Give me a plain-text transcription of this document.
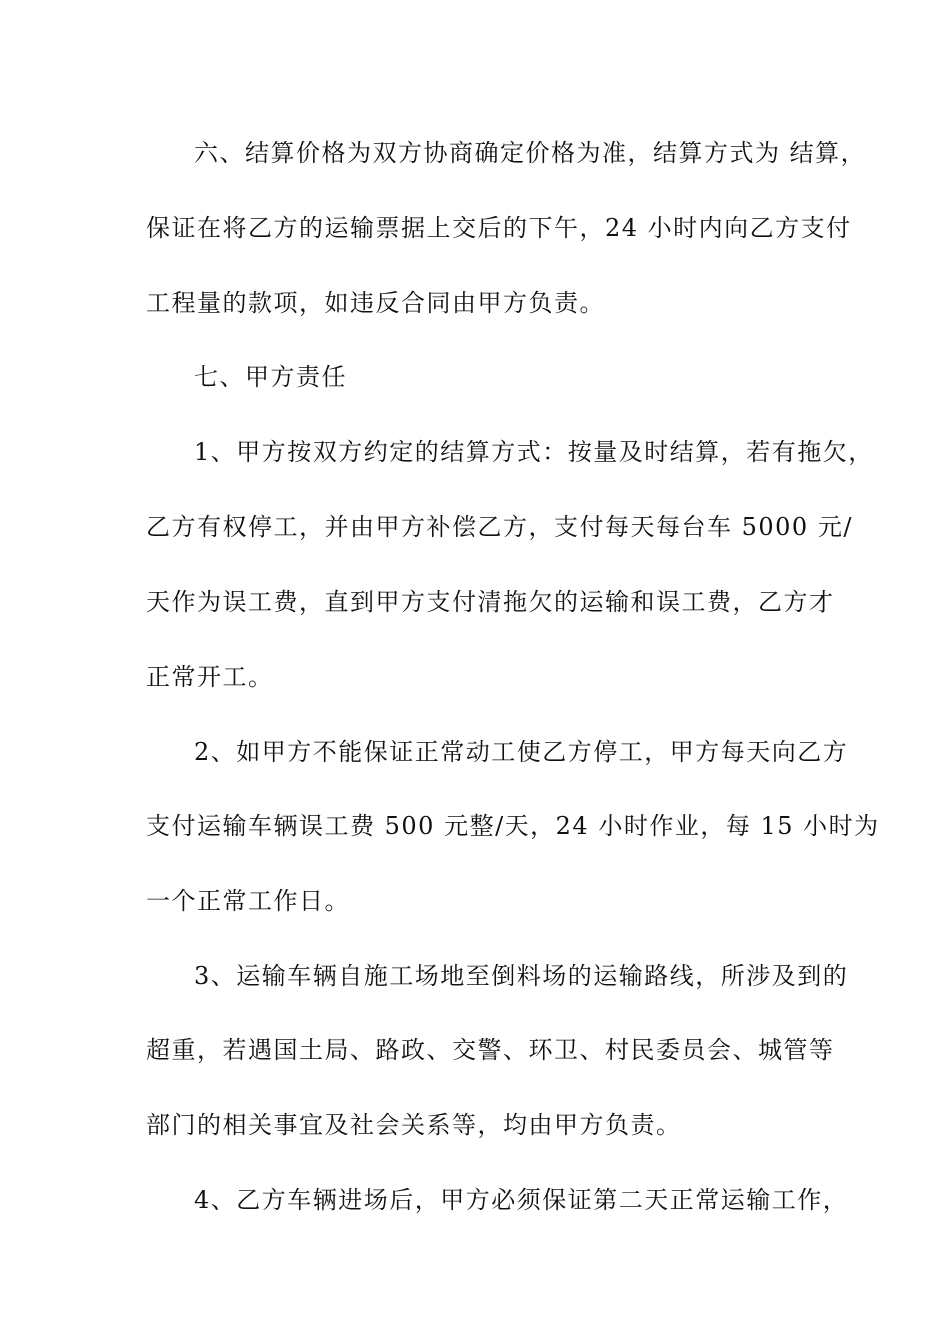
六、结算价格为双方协商确定价格为准，结算方式为 结算，

保证在将乙方的运输票据上交后的下午，24 小时内向乙方支付

工程量的款项，如违反合同由甲方负责。

七、甲方责任

1、甲方按双方约定的结算方式：按量及时结算，若有拖欠，

乙方有权停工，并由甲方补偿乙方，支付每天每台车 5000 元/

天作为误工费，直到甲方支付清拖欠的运输和误工费，乙方才

正常开工。

2、如甲方不能保证正常动工使乙方停工，甲方每天向乙方

支付运输车辆误工费 500 元整/天，24 小时作业，每 15 小时为

一个正常工作日。

3、运输车辆自施工场地至倒料场的运输路线，所涉及到的

超重，若遇国土局、路政、交警、环卫、村民委员会、城管等

部门的相关事宜及社会关系等，均由甲方负责。

4、乙方车辆进场后，甲方必须保证第二天正常运输工作，
